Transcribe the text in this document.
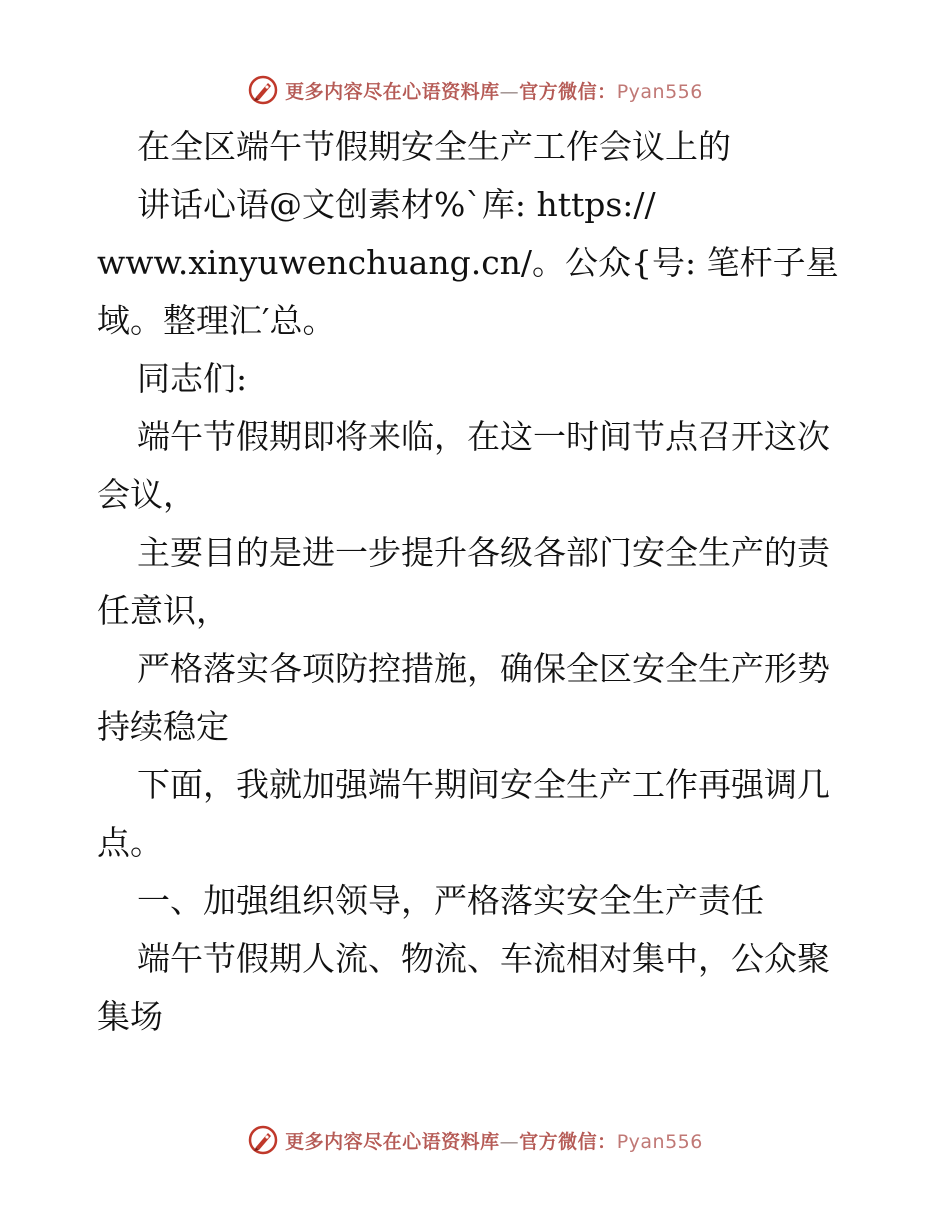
更多内容尽在心语资料库—官方微信：Pyan556
在全区端午节假期安全生产工作会议上的
讲话心语@文创素材%`库: https://
www.xinyuwenchuang.cn/。公众{号: 笔杆子星
域。整理汇′总。
同志们:
端午节假期即将来临，在这一时间节点召开这次
会议，
主要目的是进一步提升各级各部门安全生产的责
任意识，
严格落实各项防控措施，确保全区安全生产形势
持续稳定
下面，我就加强端午期间安全生产工作再强调几
点。
一、加强组织领导，严格落实安全生产责任
端午节假期人流、物流、车流相对集中，公众聚
集场
更多内容尽在心语资料库—官方微信：Pyan556
